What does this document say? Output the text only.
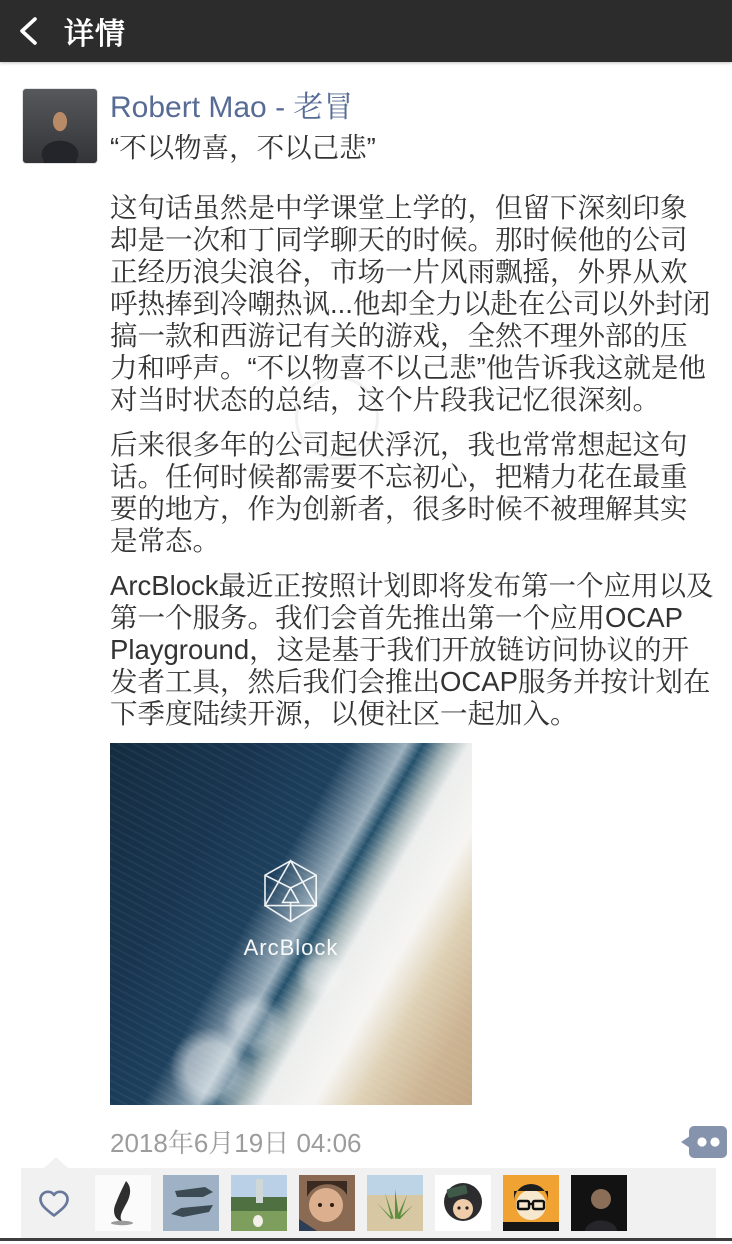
详情
Robert Mao - 老冒
“不以物喜，不以己悲”

这句话虽然是中学课堂上学的，但留下深刻印象却是一次和丁同学聊天的时候。那时候他的公司正经历浪尖浪谷，市场一片风雨飘摇，外界从欢呼热捧到冷嘲热讽...他却全力以赴在公司以外封闭搞一款和西游记有关的游戏，全然不理外部的压力和呼声。“不以物喜不以己悲”他告诉我这就是他对当时状态的总结，这个片段我记忆很深刻。

后来很多年的公司起伏浮沉，我也常常想起这句话。任何时候都需要不忘初心，把精力花在最重要的地方，作为创新者，很多时候不被理解其实是常态。

ArcBlock最近正按照计划即将发布第一个应用以及第一个服务。我们会首先推出第一个应用OCAP Playground，这是基于我们开放链访问协议的开发者工具，然后我们会推出OCAP服务并按计划在下季度陆续开源，以便社区一起加入。

ArcBlock
2018年6月19日 04:06
